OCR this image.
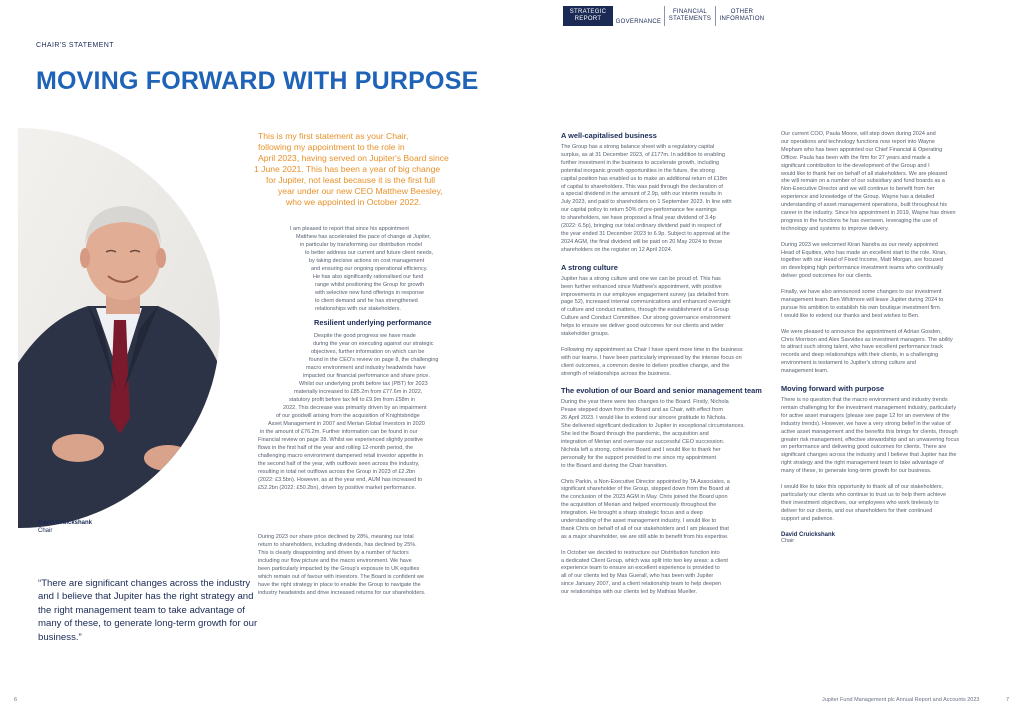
STRATEGIC
REPORT GOVERNANCE
FINANCIAL
STATEMENTS
OTHER
INFORMATION
CHAIR'S STATEMENT
MOVING FORWARD WITH PURPOSE
David Cruickshank
Chair
“There are significant changes across the industry and I believe that Jupiter has the right strategy and the right management team to take advantage of many of these, to generate long-term growth for our business.”
This is my first statement as your Chair,
following my appointment to the role in
April 2023, having served on Jupiter's Board since
1 June 2021. This has been a year of big change
for Jupiter, not least because it is the first full
year under our new CEO Matthew Beesley,
who we appointed in October 2022.
I am pleased to report that since his appointment
Matthew has accelerated the pace of change at Jupiter,
in particular by transforming our distribution model
to better address our current and future client needs,
by taking decisive actions on cost management
and ensuring our ongoing operational efficiency.
He has also significantly rationalised our fund
range whilst positioning the Group for growth
with selective new fund offerings in response
to client demand and he has strengthened
relationships with our stakeholders.
Resilient underlying performance
Despite the good progress we have made
during the year on executing against our strategic
objectives, further information on which can be
found in the CEO's review on page 8, the challenging
macro environment and industry headwinds have
impacted our financial performance and share price.
Whilst our underlying profit before tax (PBT) for 2023
materially increased to £85.2m from £77.6m in 2022,
statutory profit before tax fell to £9.9m from £58m in
2022. This decrease was primarily driven by an impairment
of our goodwill arising from the acquisition of Knightsbridge
Asset Management in 2007 and Merian Global Investors in 2020
in the amount of £76.2m. Further information can be found in our
Financial review on page 28. Whilst we experienced slightly positive
flows in the first half of the year and rolling 12-month period, the
challenging macro environment dampened retail investor appetite in
the second half of the year, with outflows seen across the industry,
resulting in total net outflows across the Group in 2023 of £2.2bn
(2022: £3.5bn). However, as at the year end, AUM has increased to
£52.2bn (2022: £50.2bn), driven by positive market performance.
During 2023 our share price declined by 28%, meaning our total
return to shareholders, including dividends, has declined by 25%.
This is clearly disappointing and driven by a number of factors
including our flow picture and the macro environment. We have
been particularly impacted by the Group's exposure to UK equities
which remain out of favour with investors. The Board is confident we
have the right strategy in place to enable the Group to navigate the
industry headwinds and drive increased returns for our shareholders.
A well-capitalised business
The Group has a strong balance sheet with a regulatory capital
surplus, as at 31 December 2023, of £177m. In addition to enabling
further investment in the business to accelerate growth, including
potential inorganic growth opportunities in the future, the strong
capital position has enabled us to make an additional return of £18m
of capital to shareholders. This was paid through the declaration of
a special dividend in the amount of 2.9p, with our interim results in
July 2023, and paid to shareholders on 1 September 2023. In line with
our capital policy to return 50% of pre-performance fee earnings
to shareholders, we have proposed a final year dividend of 3.4p
(2022: 6.5p), bringing our total ordinary dividend paid in respect of
the year ended 31 December 2023 to 6.9p. Subject to approval at the
2024 AGM, the final dividend will be paid on 20 May 2024 to those
shareholders on the register on 12 April 2024.
A strong culture
Jupiter has a strong culture and one we can be proud of. This has
been further enhanced since Matthew's appointment, with positive
improvements in our employee engagement survey (as detailed from
page 52), increased internal communications and enhanced oversight
of culture and conduct matters, through the establishment of a Group
Culture and Conduct Committee. Our strong governance environment
helps to ensure we deliver good outcomes for our clients and wider
stakeholder groups.
Following my appointment as Chair I have spent more time in the business
with our teams. I have been particularly impressed by the intense focus on
client outcomes, a common desire to deliver positive change, and the
strength of relationships across the business.
The evolution of our Board and senior management team
During the year there were two changes to the Board. Firstly, Nichola
Pease stepped down from the Board and as Chair, with effect from
26 April 2023. I would like to extend our sincere gratitude to Nichola.
She delivered significant dedication to Jupiter in exceptional circumstances.
She led the Board through the pandemic, the acquisition and
integration of Merian and oversaw our successful CEO succession.
Nichola left a strong, cohesive Board and I would like to thank her
personally for the support provided to me since my appointment
to the Board and during the Chair transition.
Chris Parkin, a Non-Executive Director appointed by TA Associates, a
significant shareholder of the Group, stepped down from the Board at
the conclusion of the 2023 AGM in May. Chris joined the Board upon
the acquisition of Merian and helped enormously throughout the
integration. He brought a sharp strategic focus and a deep
understanding of the asset management industry. I would like to
thank Chris on behalf of all of our stakeholders and I am pleased that
as a major shareholder, we are still able to benefit from his expertise.
In October we decided to restructure our Distribution function into
a dedicated Client Group, which was split into two key areas: a client
experience team to ensure an excellent experience is provided to
all of our clients led by Max Guerall, who has been with Jupiter
since January 2007, and a client relationship team to help deepen
our relationships with our clients led by Mathias Mueller.
Our current COO, Paula Moore, will step down during 2024 and
our operations and technology functions now report into Wayne
Mepham who has been appointed our Chief Financial & Operating
Officer. Paula has been with the firm for 27 years and made a
significant contribution to the development of the Group and I
would like to thank her on behalf of all stakeholders. We are pleased
she will remain on a number of our subsidiary and fund boards as a
Non-Executive Director and we will continue to benefit from her
experience and knowledge of the Group. Wayne has a detailed
understanding of asset management operations, built throughout his
career in the industry. Since his appointment in 2019, Wayne has driven
progress in the functions he has overseen, leveraging the use of
technology and systems to improve delivery.
During 2023 we welcomed Kiran Nandra as our newly appointed
Head of Equities, who has made an excellent start to the role. Kiran,
together with our Head of Fixed Income, Matt Morgan, are focused
on developing high performance investment teams who continually
deliver good outcomes for our clients.
Finally, we have also announced some changes to our investment
management team. Ben Whitmore will leave Jupiter during 2024 to
pursue his ambition to establish his own boutique investment firm.
I would like to extend our thanks and best wishes to Ben.
We were pleased to announce the appointment of Adrian Gosden,
Chris Morrison and Alex Savvides as investment managers. The ability
to attract such strong talent, who have excellent performance track
records and deep relationships with their clients, in a challenging
environment is testament to Jupiter's strong culture and
management team.
Moving forward with purpose
There is no question that the macro environment and industry trends
remain challenging for the investment management industry, particularly
for active asset managers (please see page 12 for an overview of the
industry trends). However, we have a very strong belief in the value of
active asset management and the benefits this brings for clients, through
greater risk management, effective stewardship and an unwavering focus
on performance and delivering good outcomes for clients. There are
significant changes across the industry and I believe that Jupiter has the
right strategy and the right management team to take advantage of
many of these, to generate long-term growth for our business.
I would like to take this opportunity to thank all of our stakeholders,
particularly our clients who continue to trust us to help them achieve
their investment objectives, our employees who work tirelessly to
deliver for our clients, and our shareholders for their continued
support and patience.
David Cruickshank
Chair
6	Jupiter Fund Management plc Annual Report and Accounts 2023	7
